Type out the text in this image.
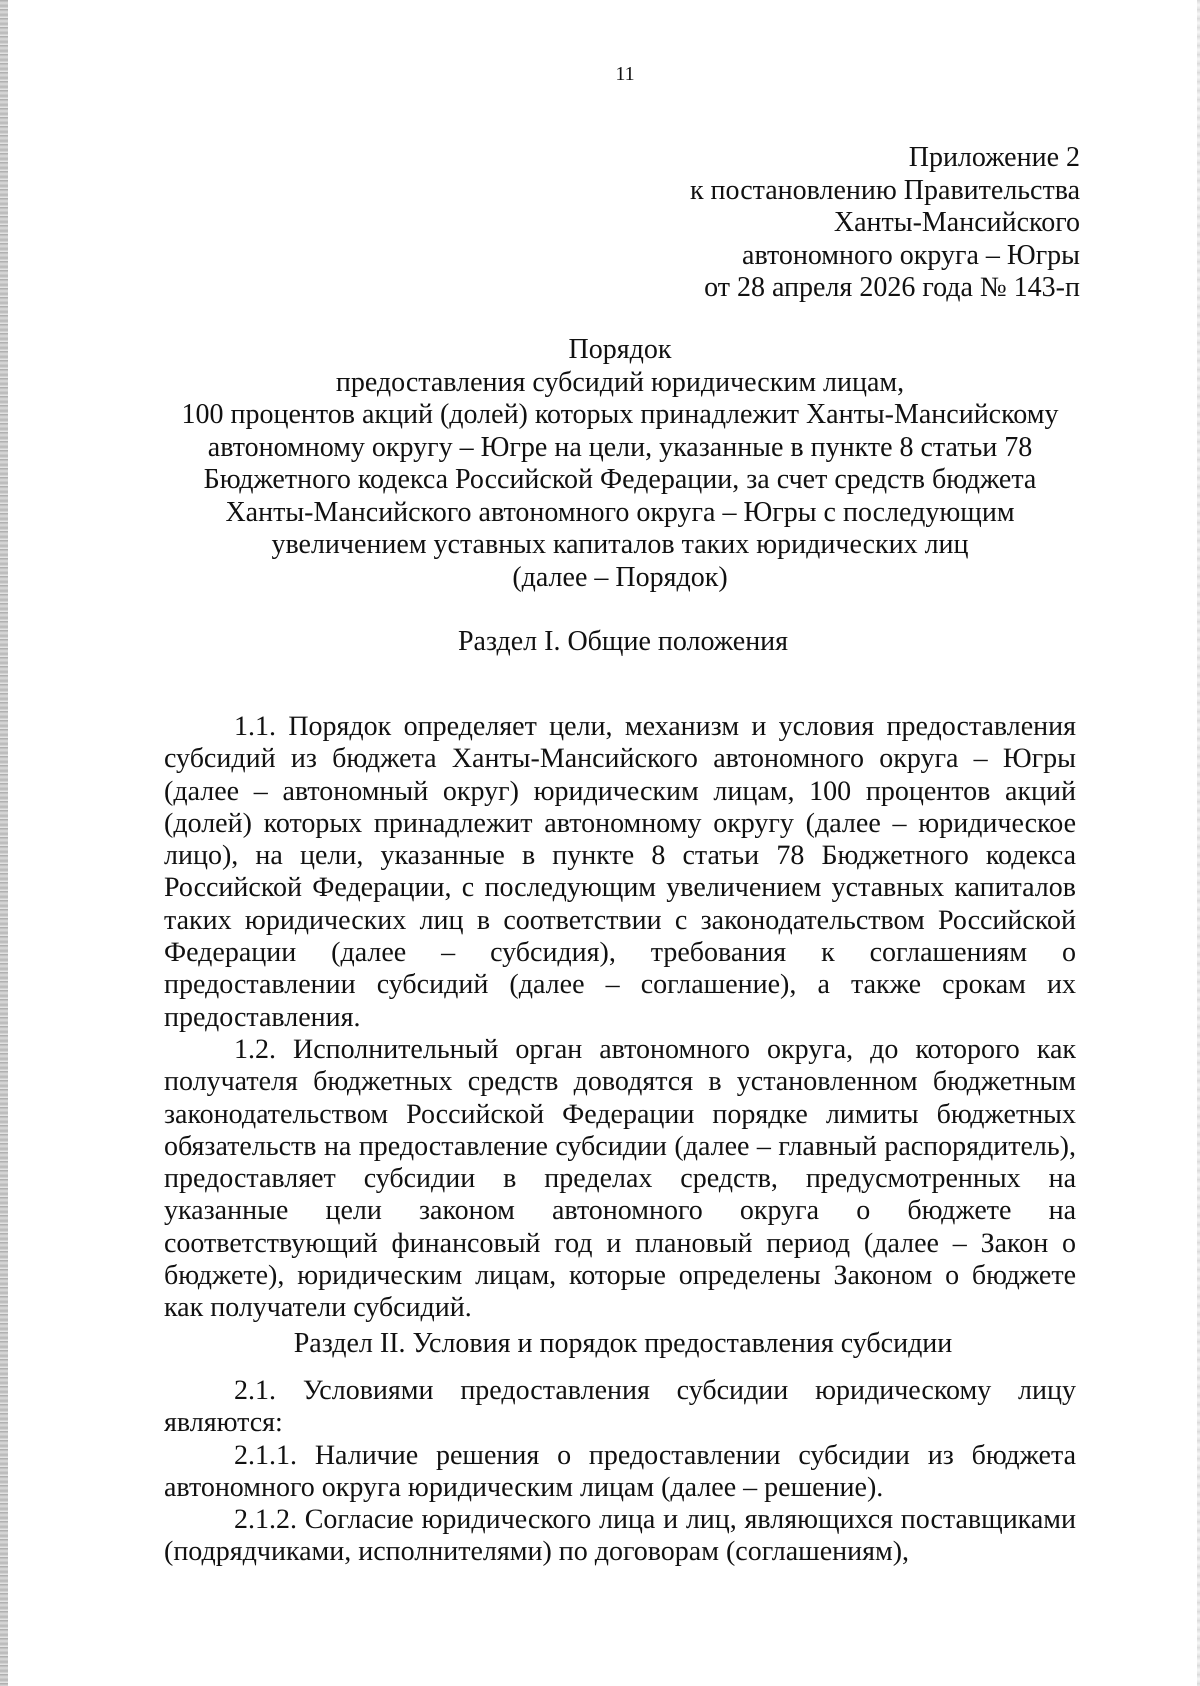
11
Приложение 2
к постановлению Правительства
Ханты-Мансийского
автономного округа – Югры
от 28 апреля 2026 года № 143-п
Порядок
предоставления субсидий юридическим лицам,
100 процентов акций (долей) которых принадлежит Ханты-Мансийскому
автономному округу – Югре на цели, указанные в пункте 8 статьи 78
Бюджетного кодекса Российской Федерации, за счет средств бюджета
Ханты-Мансийского автономного округа – Югры с последующим
увеличением уставных капиталов таких юридических лиц
(далее – Порядок)
Раздел I. Общие положения

1.1. Порядок определяет цели, механизм и условия предоставления субсидий из бюджета Ханты-Мансийского автономного округа – Югры (далее – автономный округ) юридическим лицам, 100 процентов акций (долей) которых принадлежит автономному округу (далее – юридическое лицо), на цели, указанные в пункте 8 статьи 78 Бюджетного кодекса Российской Федерации, с последующим увеличением уставных капиталов таких юридических лиц в соответствии с законодательством Российской Федерации (далее – субсидия), требования к соглашениям о предоставлении субсидий (далее – соглашение), а также срокам их предоставления.

1.2. Исполнительный орган автономного округа, до которого как получателя бюджетных средств доводятся в установленном бюджетным законодательством Российской Федерации порядке лимиты бюджетных обязательств на предоставление субсидии (далее – главный распорядитель), предоставляет субсидии в пределах средств, предусмотренных на указанные цели законом автономного округа о бюджете на соответствующий финансовый год и плановый период (далее – Закон о бюджете), юридическим лицам, которые определены Законом о бюджете как получатели субсидий.

Раздел II. Условия и порядок предоставления субсидии

2.1. Условиями предоставления субсидии юридическому лицу являются:

2.1.1. Наличие решения о предоставлении субсидии из бюджета автономного округа юридическим лицам (далее – решение).

2.1.2. Согласие юридического лица и лиц, являющихся поставщиками (подрядчиками, исполнителями) по договорам (соглашениям),
